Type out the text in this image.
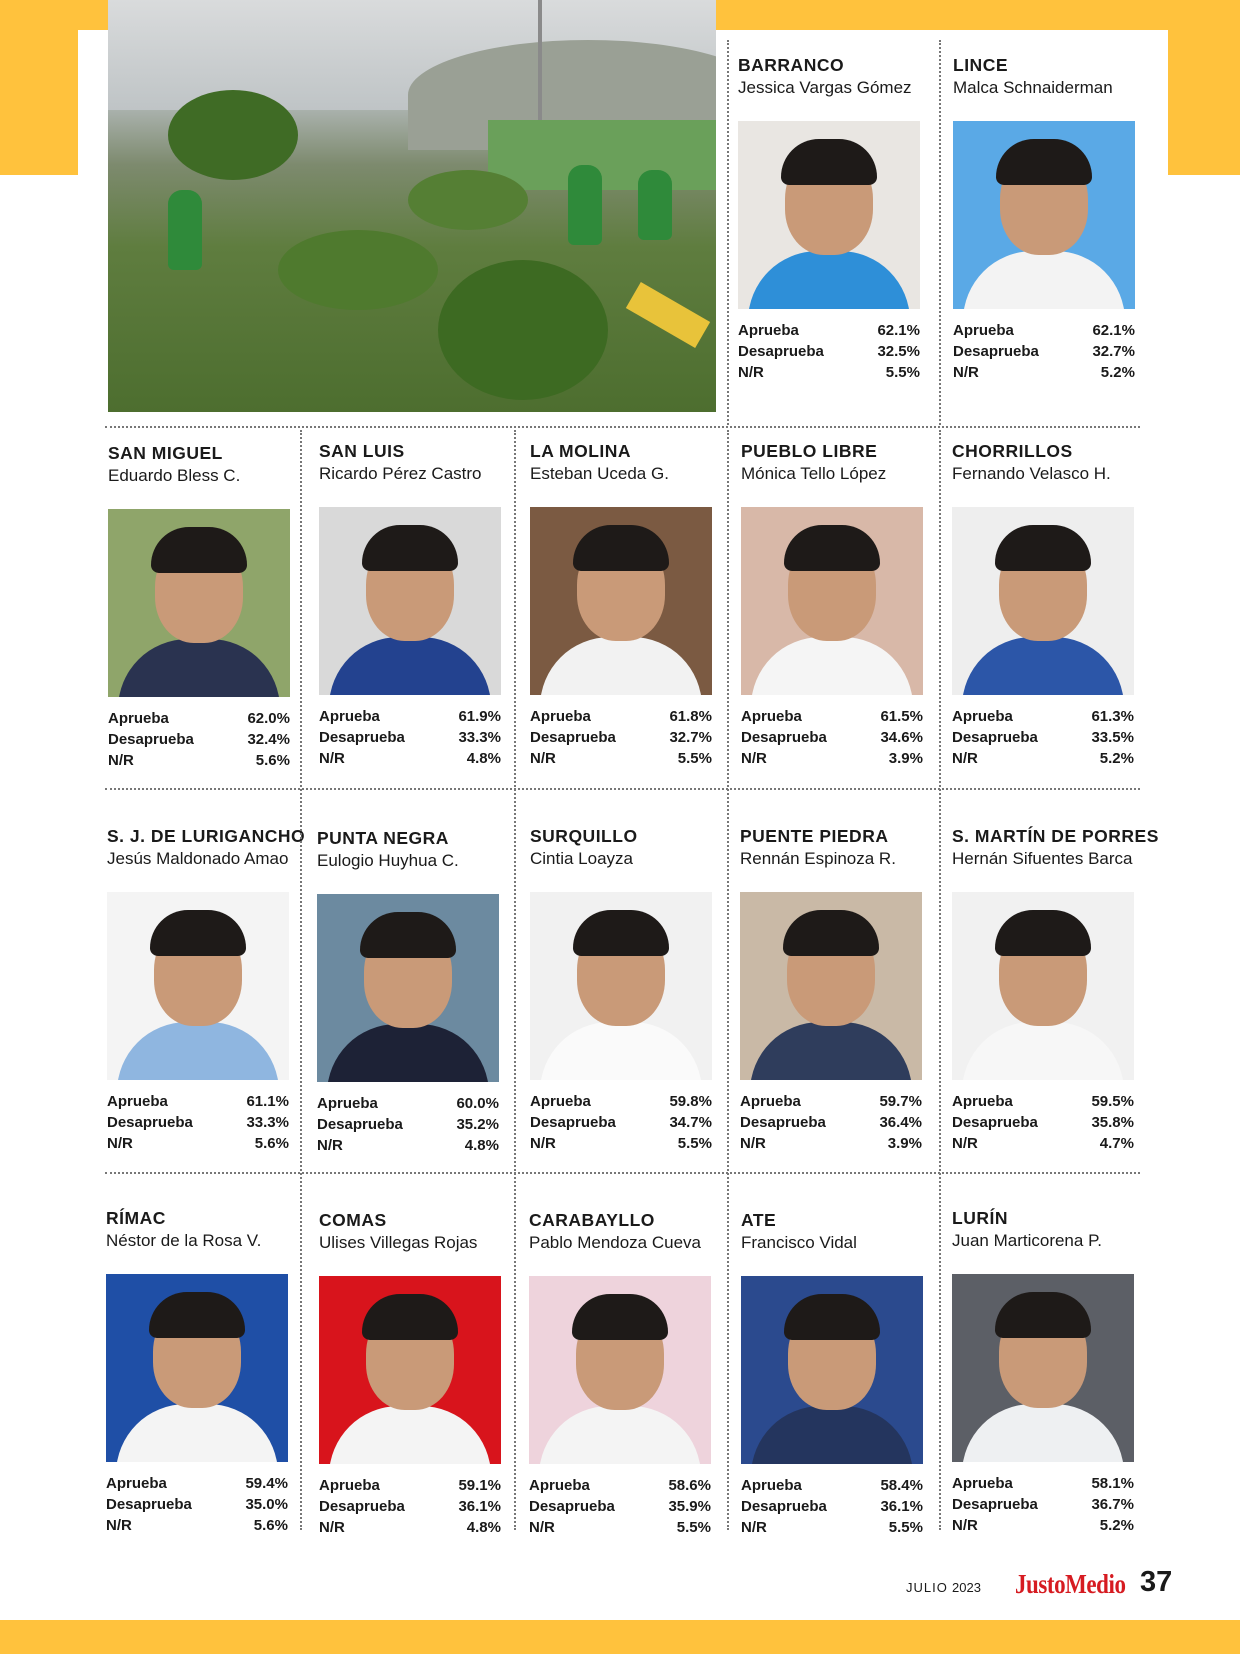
BARRANCO
Jessica Vargas Gómez
Aprueba	62.1%
Desaprueba	32.5%
N/R	5.5%
LINCE
Malca Schnaiderman
Aprueba	62.1%
Desaprueba	32.7%
N/R	5.2%
SAN MIGUEL
Eduardo Bless C.
Aprueba	62.0%
Desaprueba	32.4%
N/R	5.6%
SAN LUIS
Ricardo Pérez Castro
Aprueba	61.9%
Desaprueba	33.3%
N/R	4.8%
LA MOLINA
Esteban Uceda G.
Aprueba	61.8%
Desaprueba	32.7%
N/R	5.5%
PUEBLO LIBRE
Mónica Tello López
Aprueba	61.5%
Desaprueba	34.6%
N/R	3.9%
CHORRILLOS
Fernando Velasco H.
Aprueba	61.3%
Desaprueba	33.5%
N/R	5.2%
S. J. DE LURIGANCHO
Jesús Maldonado Amao
Aprueba	61.1%
Desaprueba	33.3%
N/R	5.6%
PUNTA NEGRA
Eulogio Huyhua C.
Aprueba	60.0%
Desaprueba	35.2%
N/R	4.8%
SURQUILLO
Cintia Loayza
Aprueba	59.8%
Desaprueba	34.7%
N/R	5.5%
PUENTE PIEDRA
Rennán Espinoza R.
Aprueba	59.7%
Desaprueba	36.4%
N/R	3.9%
S. MARTÍN DE PORRES
Hernán Sifuentes Barca
Aprueba	59.5%
Desaprueba	35.8%
N/R	4.7%
RÍMAC
Néstor de la Rosa V.
Aprueba	59.4%
Desaprueba	35.0%
N/R	5.6%
COMAS
Ulises Villegas Rojas
Aprueba	59.1%
Desaprueba	36.1%
N/R	4.8%
CARABAYLLO
Pablo Mendoza Cueva
Aprueba	58.6%
Desaprueba	35.9%
N/R	5.5%
ATE
Francisco Vidal
Aprueba	58.4%
Desaprueba	36.1%
N/R	5.5%
LURÍN
Juan Marticorena P.
Aprueba	58.1%
Desaprueba	36.7%
N/R	5.2%
JULIO 2023 JustoMedio 37
